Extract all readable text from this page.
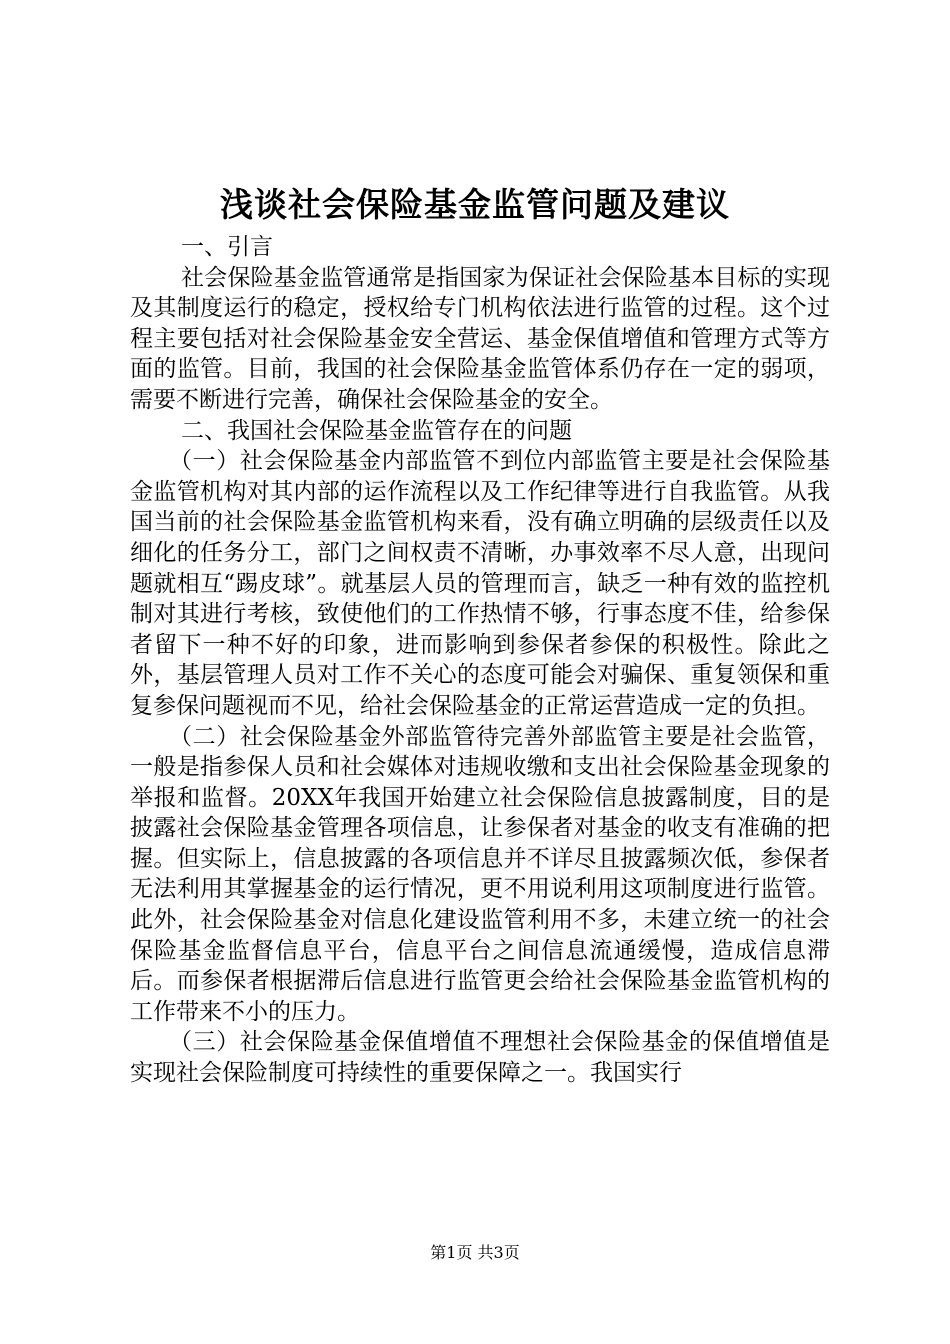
浅谈社会保险基金监管问题及建议

一、引言

社会保险基金监管通常是指国家为保证社会保险基本目标的实现及其制度运行的稳定，授权给专门机构依法进行监管的过程。这个过程主要包括对社会保险基金安全营运、基金保值增值和管理方式等方面的监管。目前，我国的社会保险基金监管体系仍存在一定的弱项，需要不断进行完善，确保社会保险基金的安全。

二、我国社会保险基金监管存在的问题

（一）社会保险基金内部监管不到位内部监管主要是社会保险基金监管机构对其内部的运作流程以及工作纪律等进行自我监管。从我国当前的社会保险基金监管机构来看，没有确立明确的层级责任以及细化的任务分工，部门之间权责不清晰，办事效率不尽人意，出现问题就相互“踢皮球”。就基层人员的管理而言，缺乏一种有效的监控机制对其进行考核，致使他们的工作热情不够，行事态度不佳，给参保者留下一种不好的印象，进而影响到参保者参保的积极性。除此之外，基层管理人员对工作不关心的态度可能会对骗保、重复领保和重复参保问题视而不见，给社会保险基金的正常运营造成一定的负担。

（二）社会保险基金外部监管待完善外部监管主要是社会监管，一般是指参保人员和社会媒体对违规收缴和支出社会保险基金现象的举报和监督。20XX年我国开始建立社会保险信息披露制度，目的是披露社会保险基金管理各项信息，让参保者对基金的收支有准确的把握。但实际上，信息披露的各项信息并不详尽且披露频次低，参保者无法利用其掌握基金的运行情况，更不用说利用这项制度进行监管。此外，社会保险基金对信息化建设监管利用不多，未建立统一的社会保险基金监督信息平台，信息平台之间信息流通缓慢，造成信息滞后。而参保者根据滞后信息进行监管更会给社会保险基金监管机构的工作带来不小的压力。

（三）社会保险基金保值增值不理想社会保险基金的保值增值是实现社会保险制度可持续性的重要保障之一。我国实行

第1页 共3页
